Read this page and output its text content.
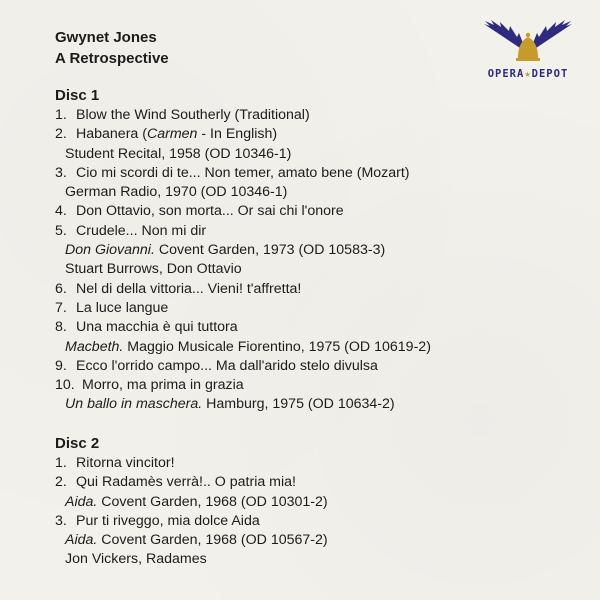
Gwynet Jones
A Retrospective
OPERA★DEPOT
Disc 1
1. Blow the Wind Southerly (Traditional)
2. Habanera (Carmen - In English)
Student Recital, 1958 (OD 10346-1)
3. Cio mi scordi di te... Non temer, amato bene (Mozart)
German Radio, 1970 (OD 10346-1)
4. Don Ottavio, son morta... Or sai chi l'onore
5. Crudele... Non mi dir
Don Giovanni. Covent Garden, 1973 (OD 10583-3)
Stuart Burrows, Don Ottavio
6. Nel di della vittoria... Vieni! t'affretta!
7. La luce langue
8. Una macchia è qui tuttora
Macbeth. Maggio Musicale Fiorentino, 1975 (OD 10619-2)
9. Ecco l'orrido campo... Ma dall'arido stelo divulsa
10. Morro, ma prima in grazia
Un ballo in maschera. Hamburg, 1975 (OD 10634-2)
Disc 2
1. Ritorna vincitor!
2. Qui Radamès verrà!.. O patria mia!
Aida. Covent Garden, 1968 (OD 10301-2)
3. Pur ti riveggo, mia dolce Aida
Aida. Covent Garden, 1968 (OD 10567-2)
Jon Vickers, Radames
